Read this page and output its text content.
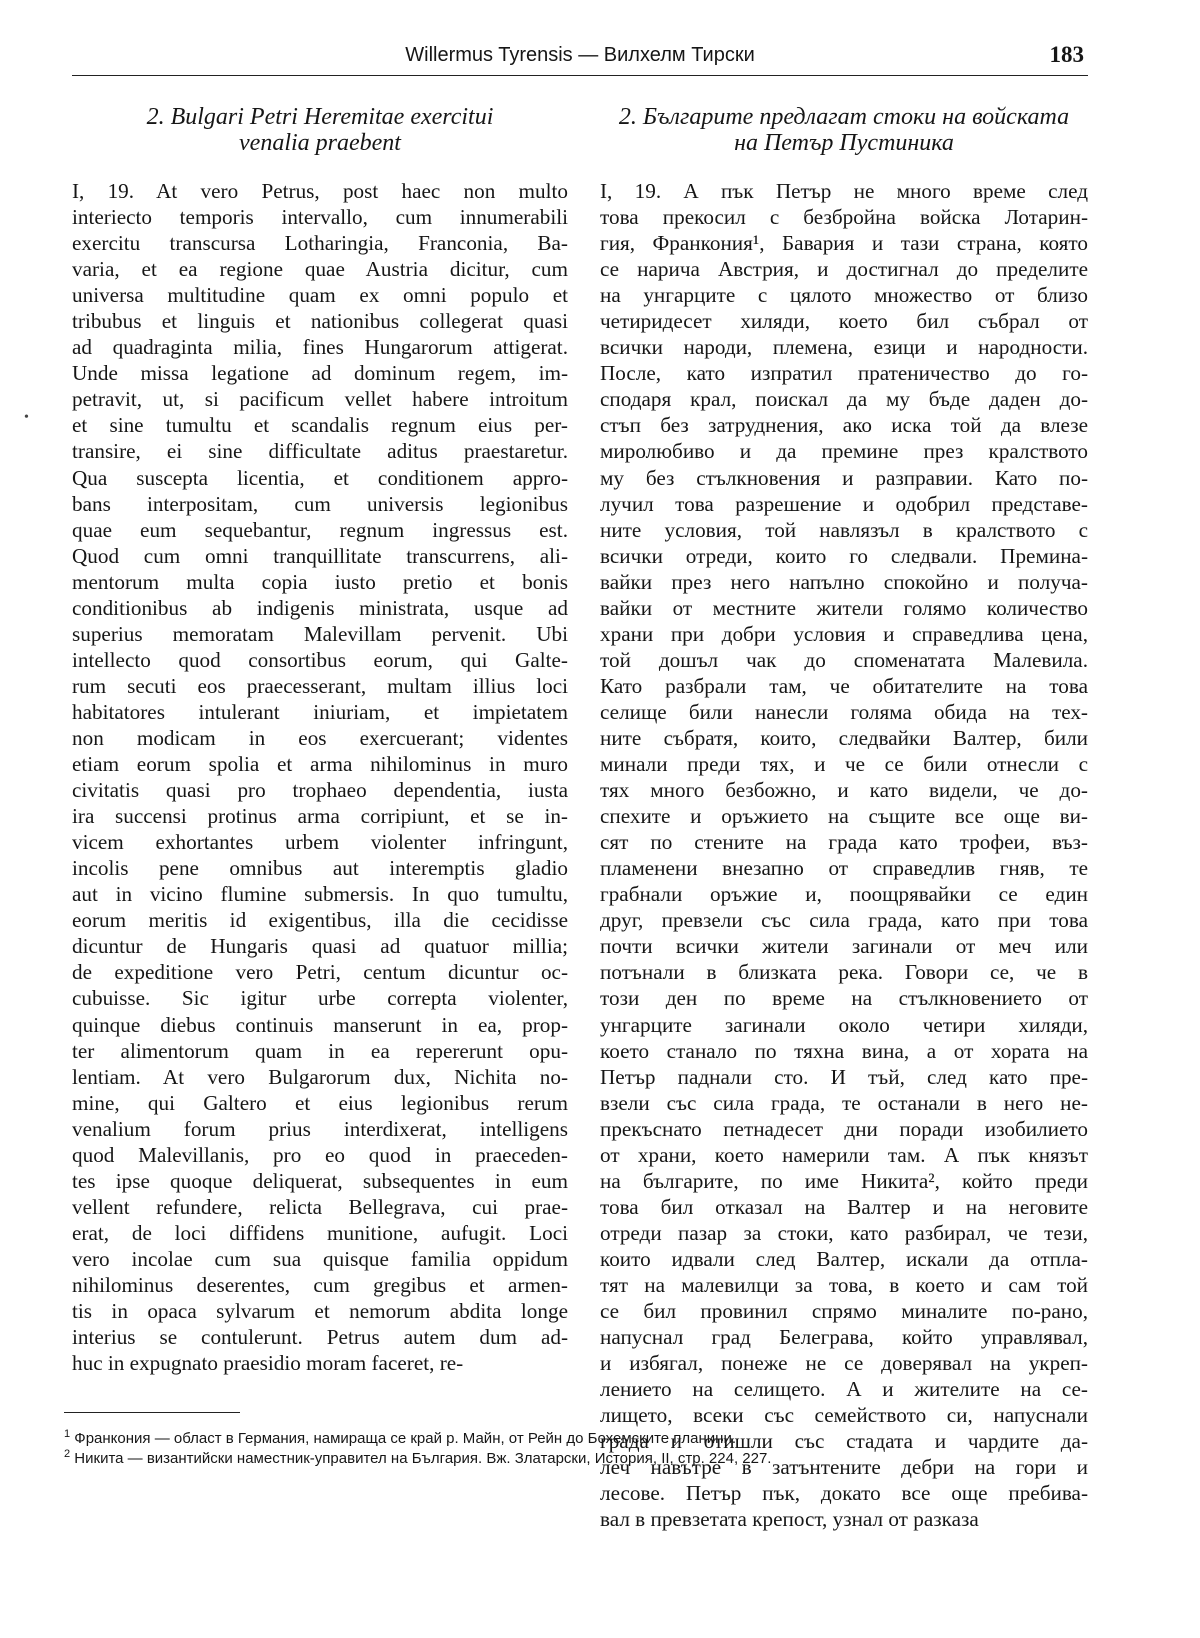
Willermus Tyrensis — Вилхелм Тирски	183
•
2. Bulgari Petri Heremitae exercitui
venalia praebent
I, 19. At vero Petrus, post haec non multo
interiecto temporis intervallo, cum innumerabili
exercitu transcursa Lotharingia, Franconia, Ba-
varia, et ea regione quae Austria dicitur, cum
universa multitudine quam ex omni populo et
tribubus et linguis et nationibus collegerat quasi
ad quadraginta milia, fines Hungarorum attigerat.
Unde missa legatione ad dominum regem, im-
petravit, ut, si pacificum vellet habere introitum
et sine tumultu et scandalis regnum eius per-
transire, ei sine difficultate aditus praestaretur.
Qua suscepta licentia, et conditionem appro-
bans interpositam, cum universis legionibus
quae eum sequebantur, regnum ingressus est.
Quod cum omni tranquillitate transcurrens, ali-
mentorum multa copia iusto pretio et bonis
conditionibus ab indigenis ministrata, usque ad
superius memoratam Malevillam pervenit. Ubi
intellecto quod consortibus eorum, qui Galte-
rum secuti eos praecesserant, multam illius loci
habitatores intulerant iniuriam, et impietatem
non modicam in eos exercuerant; videntes
etiam eorum spolia et arma nihilominus in muro
civitatis quasi pro trophaeo dependentia, iusta
ira succensi protinus arma corripiunt, et se in-
vicem exhortantes urbem violenter infringunt,
incolis pene omnibus aut interemptis gladio
aut in vicino flumine submersis. In quo tumultu,
eorum meritis id exigentibus, illa die cecidisse
dicuntur de Hungaris quasi ad quatuor millia;
de expeditione vero Petri, centum dicuntur oc-
cubuisse. Sic igitur urbe correpta violenter,
quinque diebus continuis manserunt in ea, prop-
ter alimentorum quam in ea repererunt opu-
lentiam. At vero Bulgarorum dux, Nichita no-
mine, qui Galtero et eius legionibus rerum
venalium forum prius interdixerat, intelligens
quod Malevillanis, pro eo quod in praeceden-
tes ipse quoque deliquerat, subsequentes in eum
vellent refundere, relicta Bellegrava, cui prae-
erat, de loci diffidens munitione, aufugit. Loci
vero incolae cum sua quisque familia oppidum
nihilominus deserentes, cum gregibus et armen-
tis in opaca sylvarum et nemorum abdita longe
interius se contulerunt. Petrus autem dum ad-
huc in expugnato praesidio moram faceret, re-
2. Българите предлагат стоки на войската
на Петър Пустиника
I, 19. А пък Петър не много време след
това прекосил с безбройна войска Лотарин-
гия, Франкония¹, Бавария и тази страна, която
се нарича Австрия, и достигнал до пределите
на унгарците с цялото множество от близо
четиридесет хиляди, което бил събрал от
всички народи, племена, езици и народности.
После, като изпратил пратеничество до го-
сподаря крал, поискал да му бъде даден до-
стъп без затруднения, ако иска той да влезе
миролюбиво и да премине през кралството
му без стълкновения и разправии. Като по-
лучил това разрешение и одобрил представе-
ните условия, той навлязъл в кралството с
всички отреди, които го следвали. Премина-
вайки през него напълно спокойно и получа-
вайки от местните жители голямо количество
храни при добри условия и справедлива цена,
той дошъл чак до споменатата Малевила.
Като разбрали там, че обитателите на това
селище били нанесли голяма обида на тех-
ните събратя, които, следвайки Валтер, били
минали преди тях, и че се били отнесли с
тях много безбожно, и като видели, че до-
спехите и оръжието на същите все още ви-
сят по стените на града като трофеи, въз-
пламенени внезапно от справедлив гняв, те
грабнали оръжие и, поощрявайки се един
друг, превзели със сила града, като при това
почти всички жители загинали от меч или
потънали в близката река. Говори се, че в
този ден по време на стълкновението от
унгарците загинали около четири хиляди,
което станало по тяхна вина, а от хората на
Петър паднали сто. И тъй, след като пре-
взели със сила града, те останали в него не-
прекъснато петнадесет дни поради изобилието
от храни, което намерили там. А пък князът
на българите, по име Никита², който преди
това бил отказал на Валтер и на неговите
отреди пазар за стоки, като разбирал, че тези,
които идвали след Валтер, искали да отпла-
тят на малевилци за това, в което и сам той
се бил провинил спрямо миналите по-рано,
напуснал град Белеграва, който управлявал,
и избягал, понеже не се доверявал на укреп-
лението на селището. А и жителите на се-
лището, всеки със семейството си, напуснали
града и отишли със стадата и чардите да-
леч навътре в затънтените дебри на гори и
лесове. Петър пък, докато все още пребива-
вал в превзетата крепост, узнал от разказа
$^1$ Франкония — област в Германия, намираща се край р. Майн, от Рейн до Бохемските планини.
$^2$ Никита — византийски наместник-управител на България. Вж. Златарски, История, II, стр. 224, 227.
